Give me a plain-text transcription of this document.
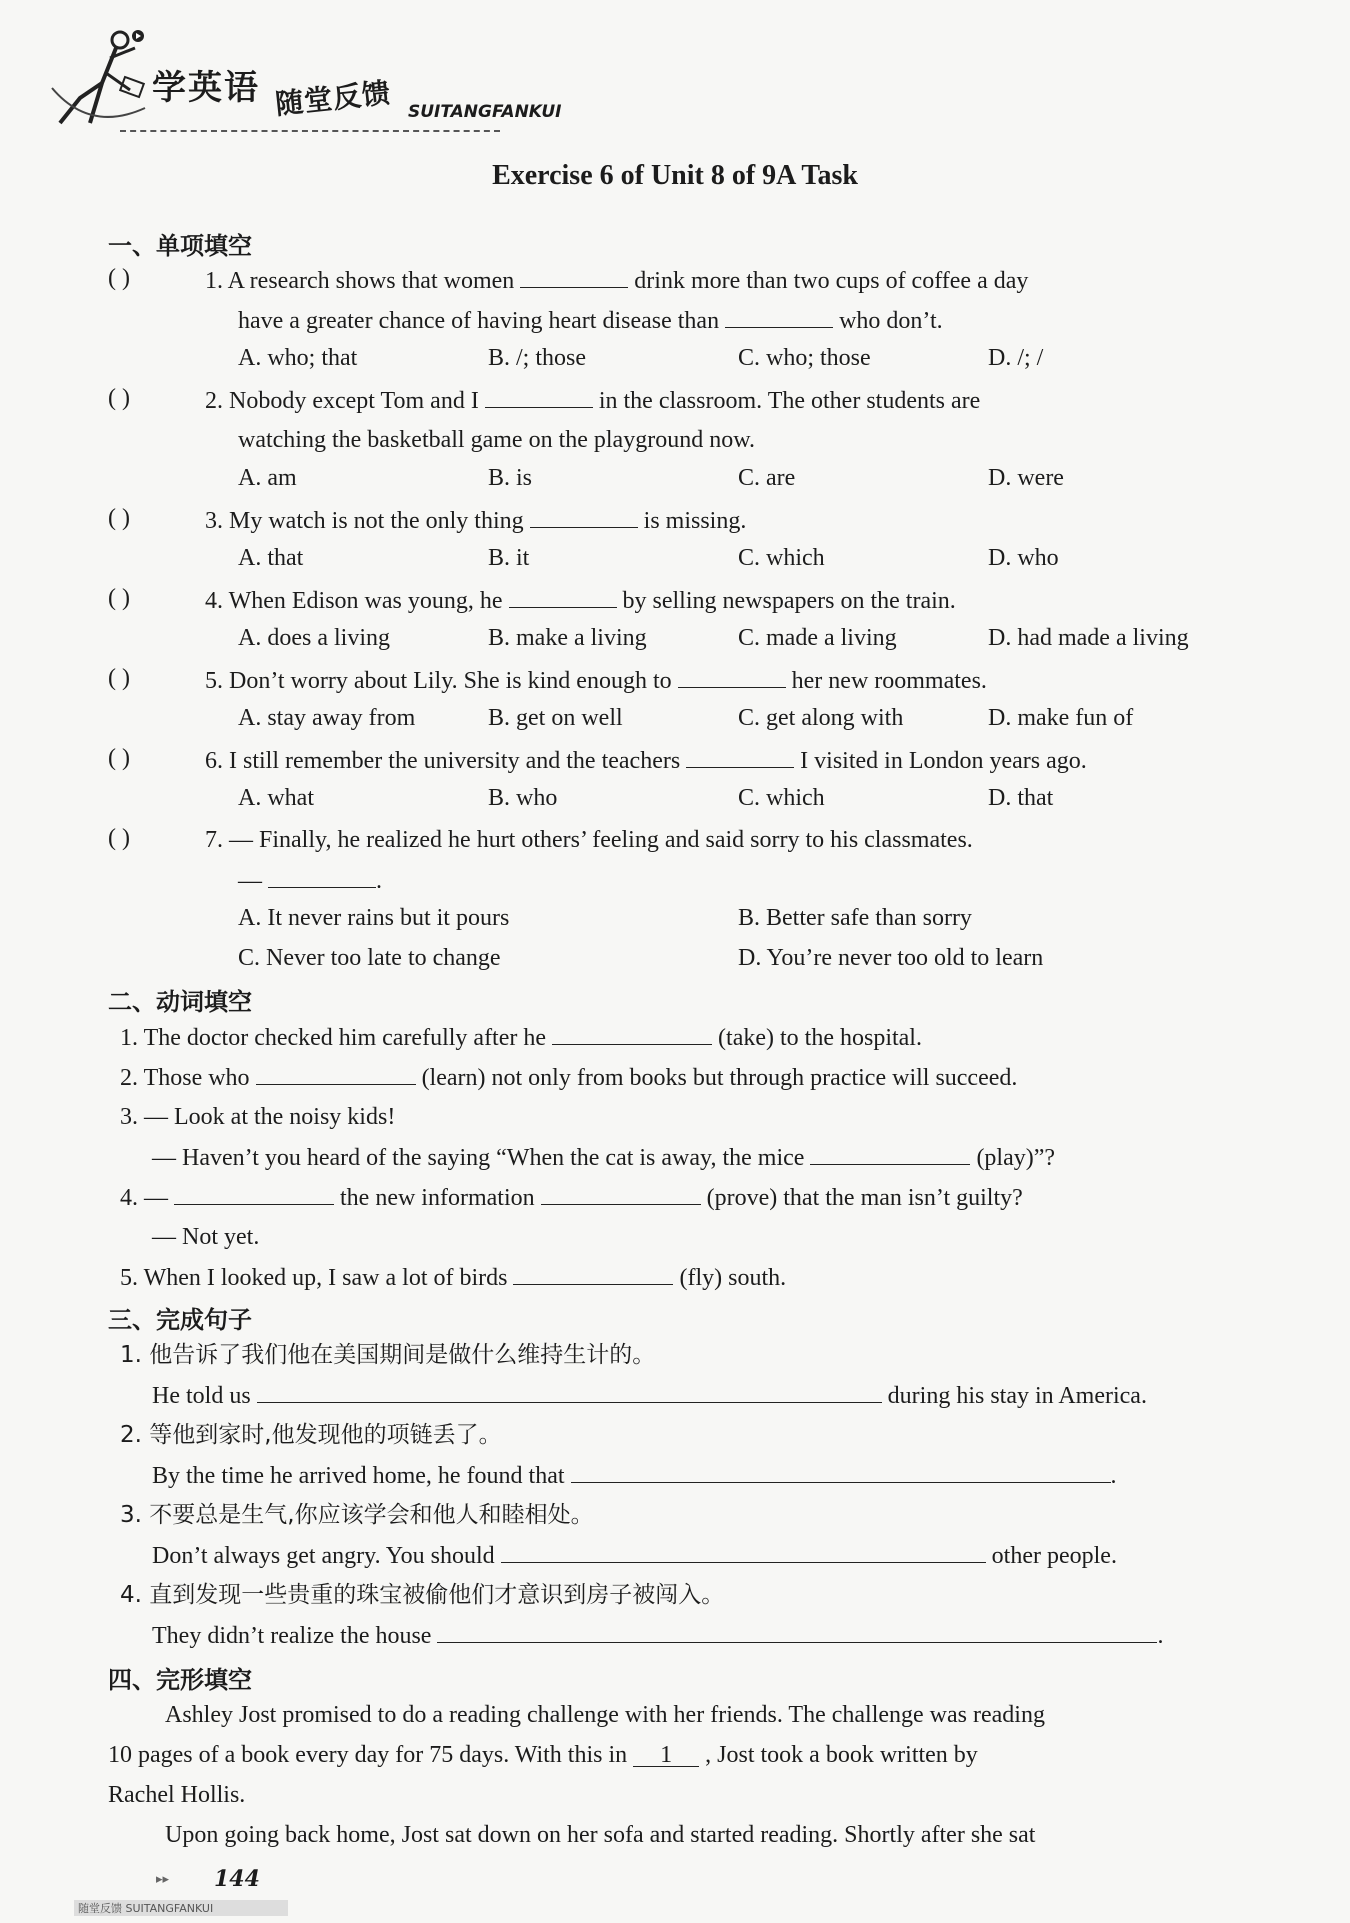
学英语 随堂反馈 SUITANGFANKUI
Exercise 6 of Unit 8 of 9A Task
一、单项填空
( )	1. A research shows that women	drink more than two cups of coffee a day
have a greater chance of having heart disease than	who don’t.
A. who; that	B. /; those	C. who; those	D. /; /
( )	2. Nobody except Tom and I	in the classroom. The other students are
watching the basketball game on the playground now.
A. am	B. is	C. are	D. were
( )	3. My watch is not the only thing	is missing.
A. that	B. it	C. which	D. who
( )	4. When Edison was young, he	by selling newspapers on the train.
A. does a living	B. make a living	C. made a living	D. had made a living
( )	5. Don’t worry about Lily. She is kind enough to	her new roommates.
A. stay away from	B. get on well	C. get along with	D. make fun of
( )	6. I still remember the university and the teachers	I visited in London years ago.
A. what	B. who	C. which	D. that
( )	7. — Finally, he realized he hurt others’ feeling and said sorry to his classmates.
—	.
A. It never rains but it pours	B. Better safe than sorry
C. Never too late to change	D. You’re never too old to learn
二、动词填空
1. The doctor checked him carefully after he	(take) to the hospital.
2. Those who	(learn) not only from books but through practice will succeed.
3. — Look at the noisy kids!
— Haven’t you heard of the saying “When the cat is away, the mice	(play)”?
4. —	the new information	(prove) that the man isn’t guilty?
— Not yet.
5. When I looked up, I saw a lot of birds	(fly) south.
三、完成句子
1. 他告诉了我们他在美国期间是做什么维持生计的。
He told us	during his stay in America.
2. 等他到家时,他发现他的项链丢了。
By the time he arrived home, he found that	.
3. 不要总是生气,你应该学会和他人和睦相处。
Don’t always get angry. You should	other people.
4. 直到发现一些贵重的珠宝被偷他们才意识到房子被闯入。
They didn’t realize the house	.
四、完形填空
Ashley Jost promised to do a reading challenge with her friends. The challenge was reading
10 pages of a book every day for 75 days. With this in 1 , Jost took a book written by
Rachel Hollis.
Upon going back home, Jost sat down on her sofa and started reading. Shortly after she sat
▸▸ 144
随堂反馈 SUITANGFANKUI
